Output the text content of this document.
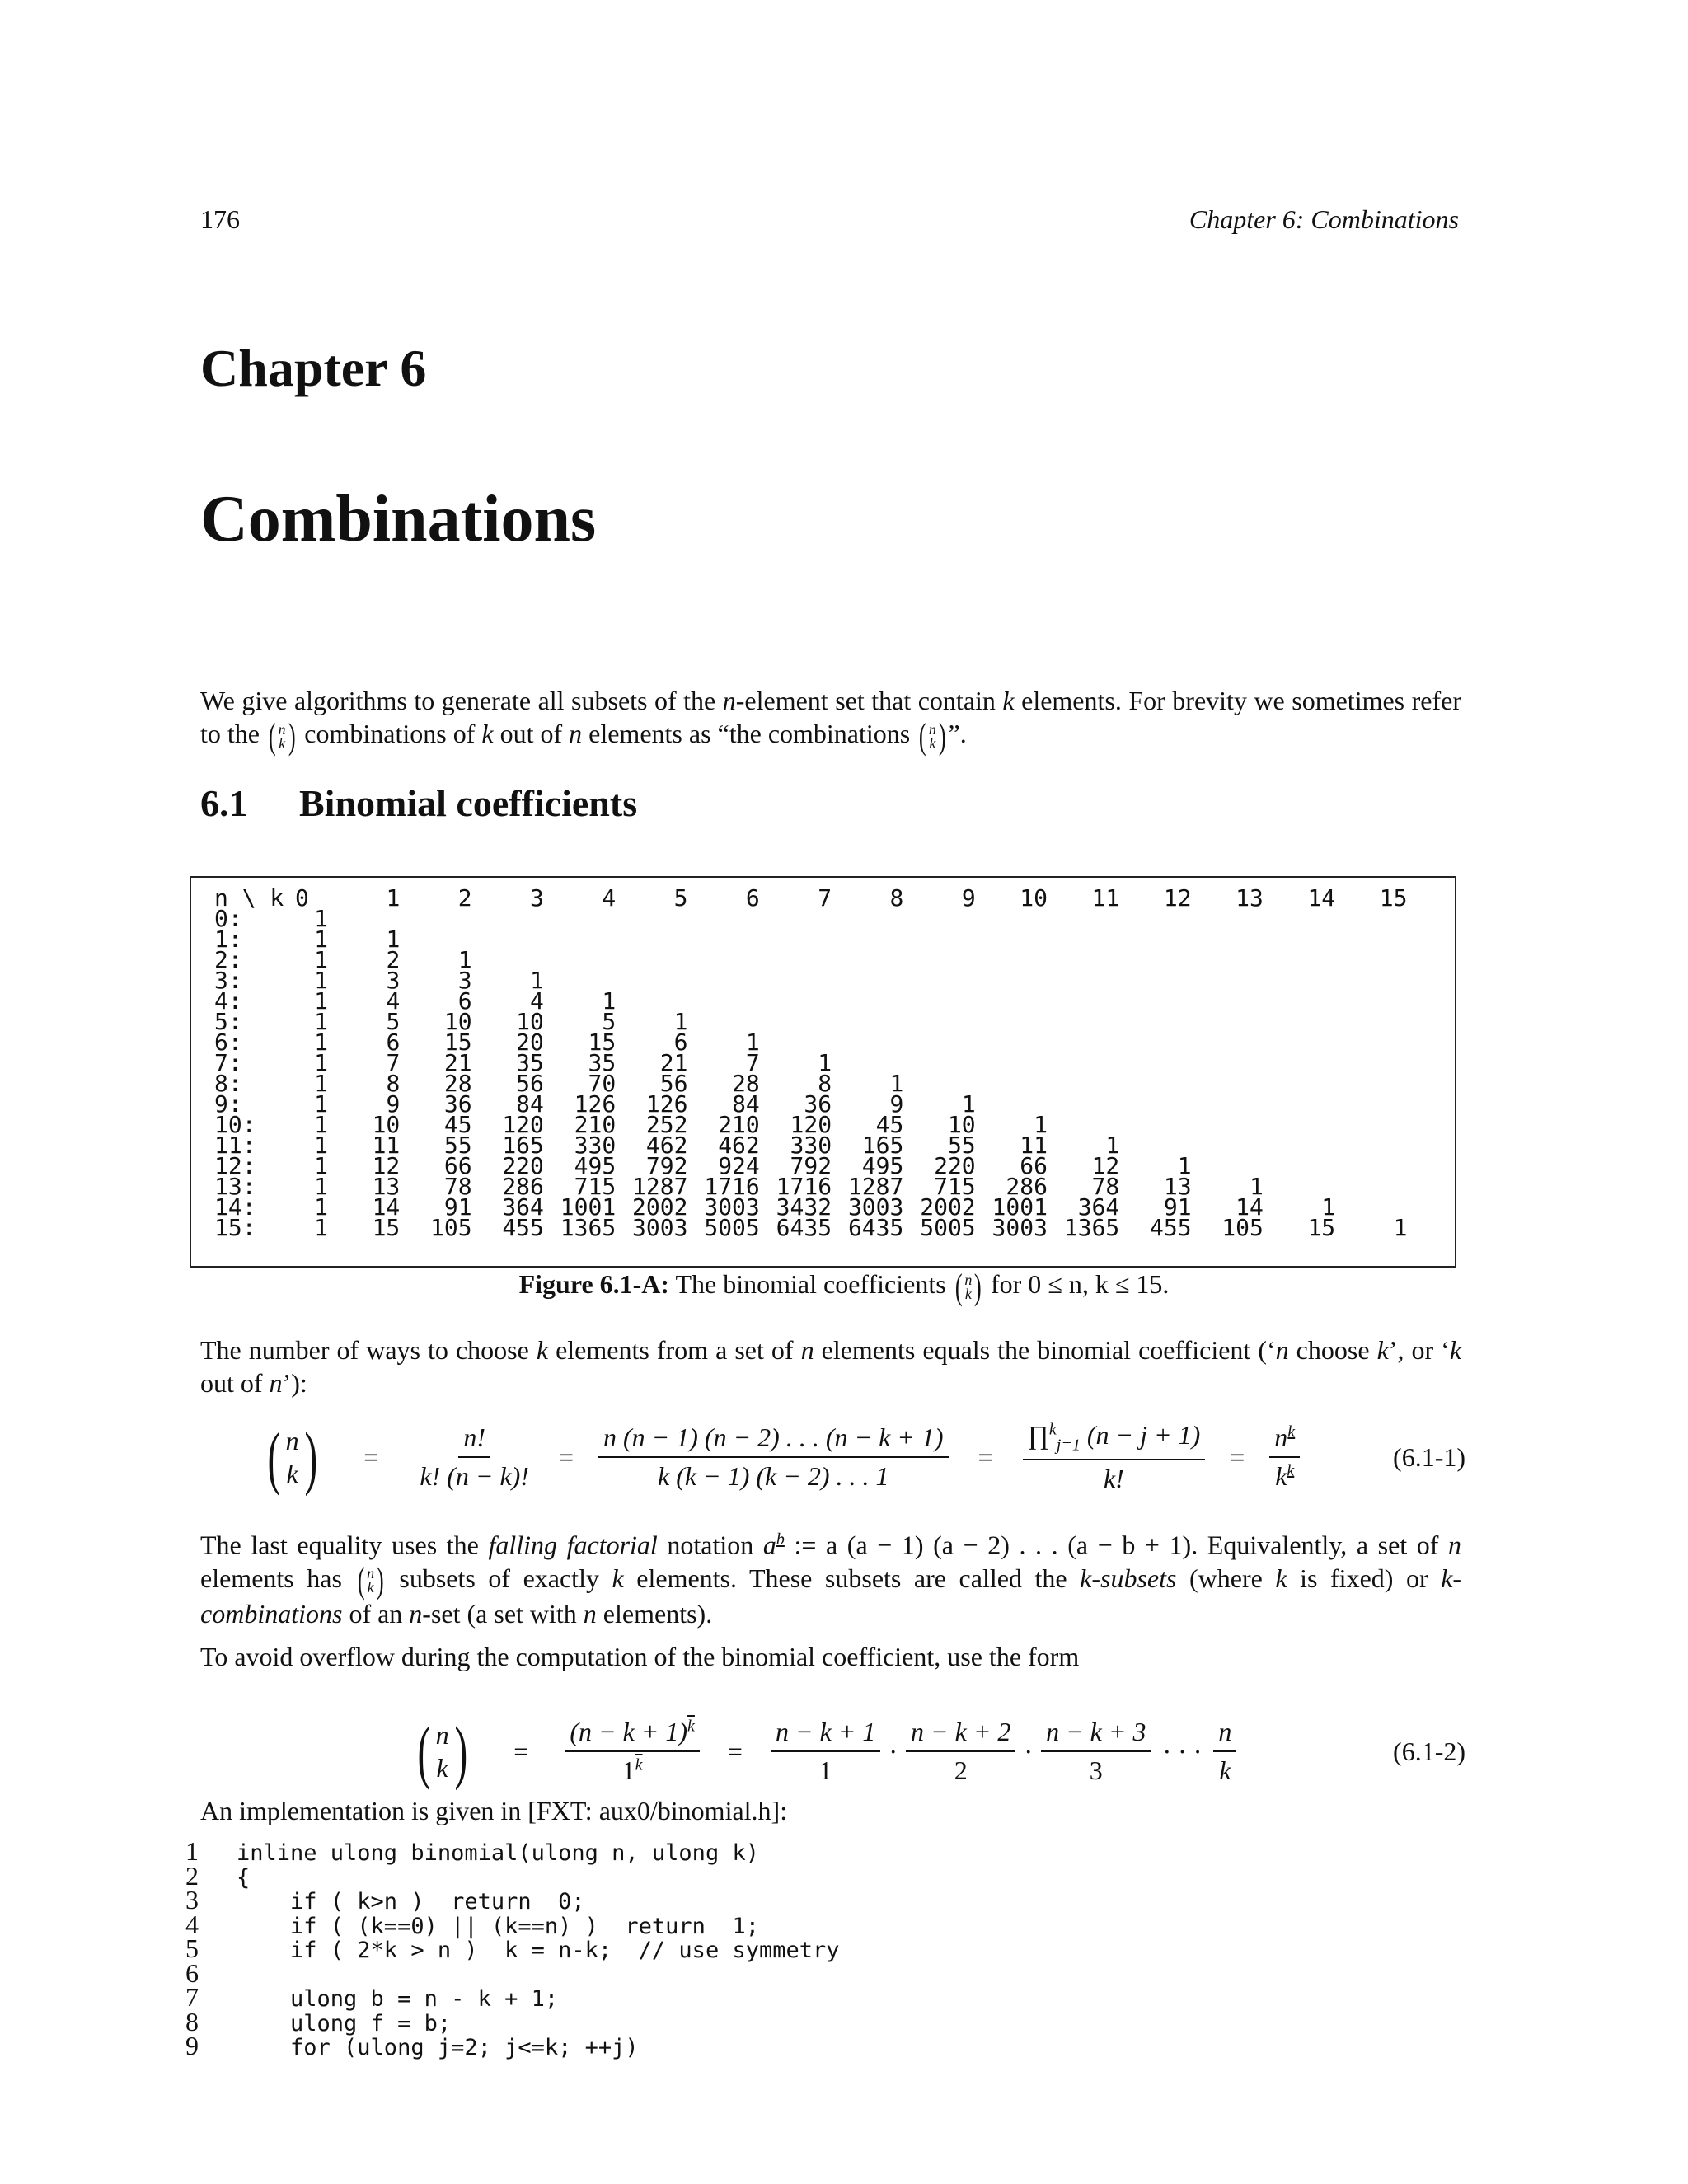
176	Chapter 6: Combinations
Chapter 6
Combinations
We give algorithms to generate all subsets of the n-element set that contain k elements. For brevity we sometimes refer to the ( n
k ) combinations of k out of n elements as “the combinations ( n
k ) ”.
6.1 Binomial coefficients
n \ k	0	1	2	3	4	5	6	7	8	9	10	11	12	13	14	15
0:	1															
1:	1	1														
2:	1	2	1													
3:	1	3	3	1												
4:	1	4	6	4	1											
5:	1	5	10	10	5	1										
6:	1	6	15	20	15	6	1									
7:	1	7	21	35	35	21	7	1								
8:	1	8	28	56	70	56	28	8	1							
9:	1	9	36	84	126	126	84	36	9	1						
10:	1	10	45	120	210	252	210	120	45	10	1					
11:	1	11	55	165	330	462	462	330	165	55	11	1				
12:	1	12	66	220	495	792	924	792	495	220	66	12	1			
13:	1	13	78	286	715	1287	1716	1716	1287	715	286	78	13	1		
14:	1	14	91	364	1001	2002	3003	3432	3003	2002	1001	364	91	14	1	
15:	1	15	105	455	1365	3003	5005	6435	6435	5005	3003	1365	455	105	15	1
Figure 6.1-A: The binomial coefficients ( n
k ) for 0 ≤ n, k ≤ 15.
The number of ways to choose k elements from a set of n elements equals the binomial coefficient (‘n choose k’, or ‘k out of n’):
( n
k ) = $\frac{n!}{k! (n - k)!} = \frac{n (n - 1) (n - 2) . . . (n - k + 1)}{k (k - 1) (k - 2) . . . 1} = \frac{\prod^k_{j=1} (n - j + 1)}{k!} = \frac{n^k}{k^k}$	(6.1-1)
The last equality uses the falling factorial notation $a^b$ := a (a − 1) (a − 2) . . . (a − b + 1). Equivalently, a set of n elements has ( n
k ) subsets of exactly k elements. These subsets are called the k-subsets (where k is fixed) or k-combinations of an n-set (a set with n elements).
To avoid overflow during the computation of the binomial coefficient, use the form
( n
k ) = $\frac{(n - k + 1)^{\overline{k}}}{1^{\overline{k}}} = \frac{n - k + 1}{1} \cdot \frac{n - k + 2}{2} \cdot \frac{n - k + 3}{3}$ · · · $\frac{n}{k}$	(6.1-2)
An implementation is given in [FXT: aux0/binomial.h]:
1 inline ulong binomial(ulong n, ulong k)
2 {
3    if ( k>n )  return  0;
4    if ( (k==0) || (k==n) )  return  1;
5    if ( 2*k > n )  k = n-k;  // use symmetry
6
7    ulong b = n - k + 1;
8    ulong f = b;
9    for (ulong j=2; j<=k; ++j)
